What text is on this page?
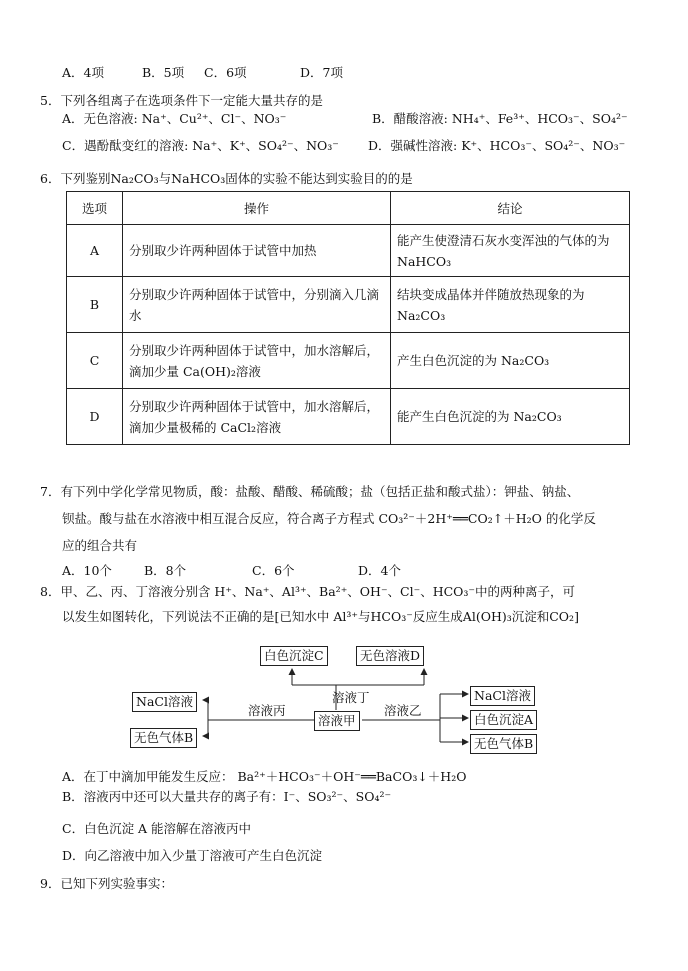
A．4项	B．5项 C．6项	D．7项
5．下列各组离子在选项条件下一定能大量共存的是
A．无色溶液: Na⁺、Cu²⁺、Cl⁻、NO₃⁻	B．醋酸溶液: NH₄⁺、Fe³⁺、HCO₃⁻、SO₄²⁻
C．遇酚酞变红的溶液: Na⁺、K⁺、SO₄²⁻、NO₃⁻ D．强碱性溶液: K⁺、HCO₃⁻、SO₄²⁻、NO₃⁻
6．下列鉴别Na₂CO₃与NaHCO₃固体的实验不能达到实验目的的是
选项	操作	结论
A	分别取少许两种固体于试管中加热	能产生使澄清石灰水变浑浊的气体的为 NaHCO₃
B	分别取少许两种固体于试管中，分别滴入几滴水	结块变成晶体并伴随放热现象的为Na₂CO₃
C	分别取少许两种固体于试管中，加水溶解后，滴加少量 Ca(OH)₂溶液	产生白色沉淀的为 Na₂CO₃
D	分别取少许两种固体于试管中，加水溶解后，滴加少量极稀的 CaCl₂溶液	能产生白色沉淀的为 Na₂CO₃
7．有下列中学化学常见物质，酸：盐酸、醋酸、稀硫酸；盐（包括正盐和酸式盐）：钾盐、钠盐、
钡盐。酸与盐在水溶液中相互混合反应，符合离子方程式 CO₃²⁻＋2H⁺══CO₂↑＋H₂O 的化学反
应的组合共有
A．10个	B．8个	C．6个	D．4个
8．甲、乙、丙、丁溶液分别含 H⁺、Na⁺、Al³⁺、Ba²⁺、OH⁻、Cl⁻、HCO₃⁻中的两种离子，可
以发生如图转化，下列说法不正确的是[已知水中 Al³⁺与HCO₃⁻反应生成Al(OH)₃沉淀和CO₂]
白色沉淀C	无色溶液D
溶液丁
NaCl溶液
溶液丙
溶液甲
溶液乙
无色气体B
NaCl溶液
白色沉淀A
无色气体B
A．在丁中滴加甲能发生反应： Ba²⁺＋HCO₃⁻＋OH⁻══BaCO₃↓＋H₂O
B．溶液丙中还可以大量共存的离子有：I⁻、SO₃²⁻、SO₄²⁻
C．白色沉淀 A 能溶解在溶液丙中
D．向乙溶液中加入少量丁溶液可产生白色沉淀
9．已知下列实验事实：
